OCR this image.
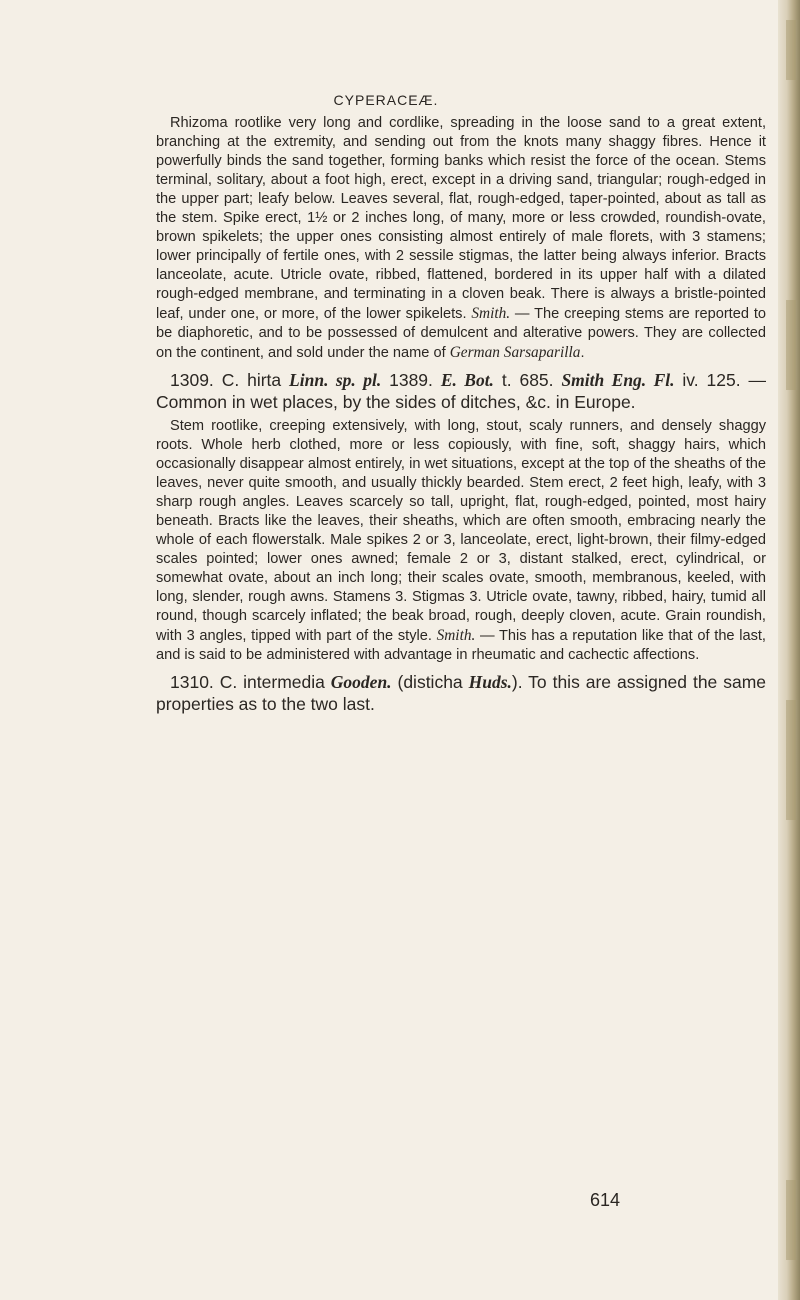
CYPERACEÆ.

Rhizoma rootlike very long and cordlike, spreading in the loose sand to a great extent, branching at the extremity, and sending out from the knots many shaggy fibres. Hence it powerfully binds the sand together, forming banks which resist the force of the ocean. Stems terminal, solitary, about a foot high, erect, except in a driving sand, triangular; rough-edged in the upper part; leafy below. Leaves several, flat, rough-edged, taper-pointed, about as tall as the stem. Spike erect, 1½ or 2 inches long, of many, more or less crowded, roundish-ovate, brown spikelets; the upper ones consisting almost entirely of male florets, with 3 stamens; lower principally of fertile ones, with 2 sessile stigmas, the latter being always inferior. Bracts lanceolate, acute. Utricle ovate, ribbed, flattened, bordered in its upper half with a dilated rough-edged membrane, and terminating in a cloven beak. There is always a bristle-pointed leaf, under one, or more, of the lower spikelets. Smith. — The creeping stems are reported to be diaphoretic, and to be possessed of demulcent and alterative powers. They are collected on the continent, and sold under the name of German Sarsaparilla.

1309. C. hirta Linn. sp. pl. 1389. E. Bot. t. 685. Smith Eng. Fl. iv. 125. — Common in wet places, by the sides of ditches, &c. in Europe.

Stem rootlike, creeping extensively, with long, stout, scaly runners, and densely shaggy roots. Whole herb clothed, more or less copiously, with fine, soft, shaggy hairs, which occasionally disappear almost entirely, in wet situations, except at the top of the sheaths of the leaves, never quite smooth, and usually thickly bearded. Stem erect, 2 feet high, leafy, with 3 sharp rough angles. Leaves scarcely so tall, upright, flat, rough-edged, pointed, most hairy beneath. Bracts like the leaves, their sheaths, which are often smooth, embracing nearly the whole of each flowerstalk. Male spikes 2 or 3, lanceolate, erect, light-brown, their filmy-edged scales pointed; lower ones awned; female 2 or 3, distant stalked, erect, cylindrical, or somewhat ovate, about an inch long; their scales ovate, smooth, membranous, keeled, with long, slender, rough awns. Stamens 3. Stigmas 3. Utricle ovate, tawny, ribbed, hairy, tumid all round, though scarcely inflated; the beak broad, rough, deeply cloven, acute. Grain roundish, with 3 angles, tipped with part of the style. Smith. — This has a reputation like that of the last, and is said to be administered with advantage in rheumatic and cachectic affections.

1310. C. intermedia Gooden. (disticha Huds.). To this are assigned the same properties as to the two last.

614
